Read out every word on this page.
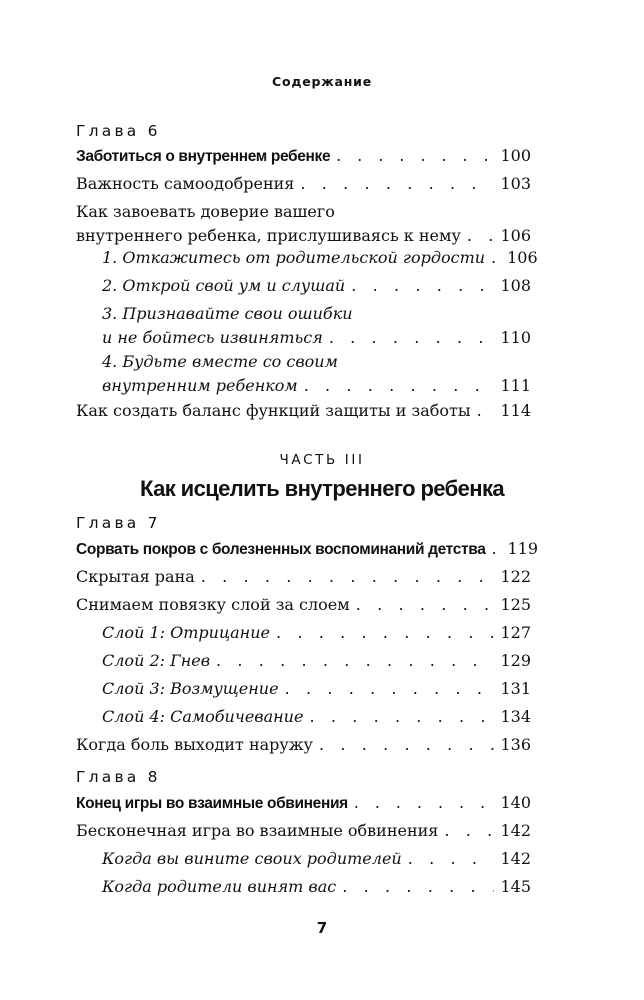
Содержание
Глава 6
Заботиться о внутреннем ребенке . . .	100
Важность самоодобрения . . .	103
Как завоевать доверие вашего
внутреннего ребенка, прислушиваясь к нему . . . 106
1. Откажитесь от родительской гордости . . . 106
2. Открой свой ум и слушай . . .	108
3. Признавайте свои ошибки
и не бойтесь извиняться . . .	110
4. Будьте вместе со своим
внутренним ребенком . . .	111
Как создать баланс функций защиты и заботы . . . 114
ЧАСТЬ III
Как исцелить внутреннего ребенка
Глава 7
Сорвать покров с болезненных воспоминаний детства . . . 119
Скрытая рана . . .	122
Снимаем повязку слой за слоем . . .	125
Слой 1: Отрицание . . .	127
Слой 2: Гнев . . .	129
Слой 3: Возмущение . . .	131
Слой 4: Самобичевание . . .	134
Когда боль выходит наружу . . .	136
Глава 8
Конец игры во взаимные обвинения . . .	140
Бесконечная игра во взаимные обвинения . . .	142
Когда вы вините своих родителей . . .	142
Когда родители винят вас . . .	145
7
